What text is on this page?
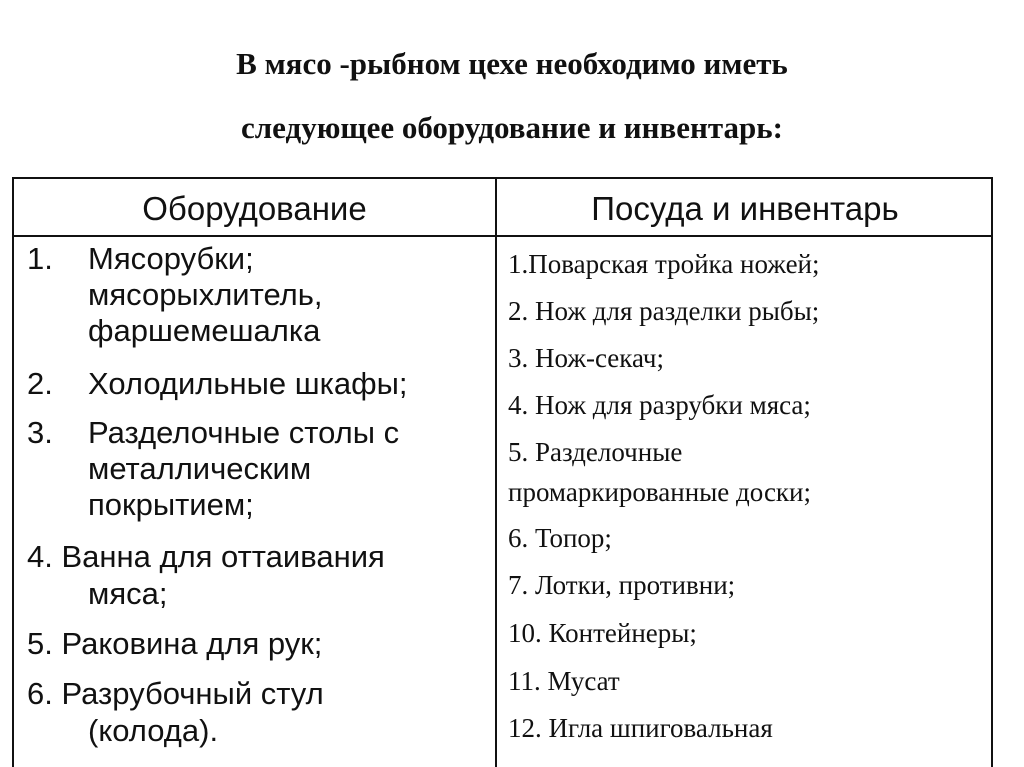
В мясо -рыбном цехе необходимо иметь
следующее оборудование и инвентарь:
Оборудование	Посуда и инвентарь
1. Мясорубки;
мясорыхлитель,
фаршемешалка
2. Холодильные шкафы;
3. Разделочные столы с
металлическим
покрытием;
4. Ванна для оттаивания
мяса;
5. Раковина для рук;
6. Разрубочный стул
(колода).
1.Поварская тройка ножей;
2. Нож для разделки рыбы;
3. Нож-секач;
4. Нож для разрубки мяса;
5. Разделочные
промаркированные доски;
6. Топор;
7. Лотки, противни;
10. Контейнеры;
11. Мусат
12. Игла шпиговальная
